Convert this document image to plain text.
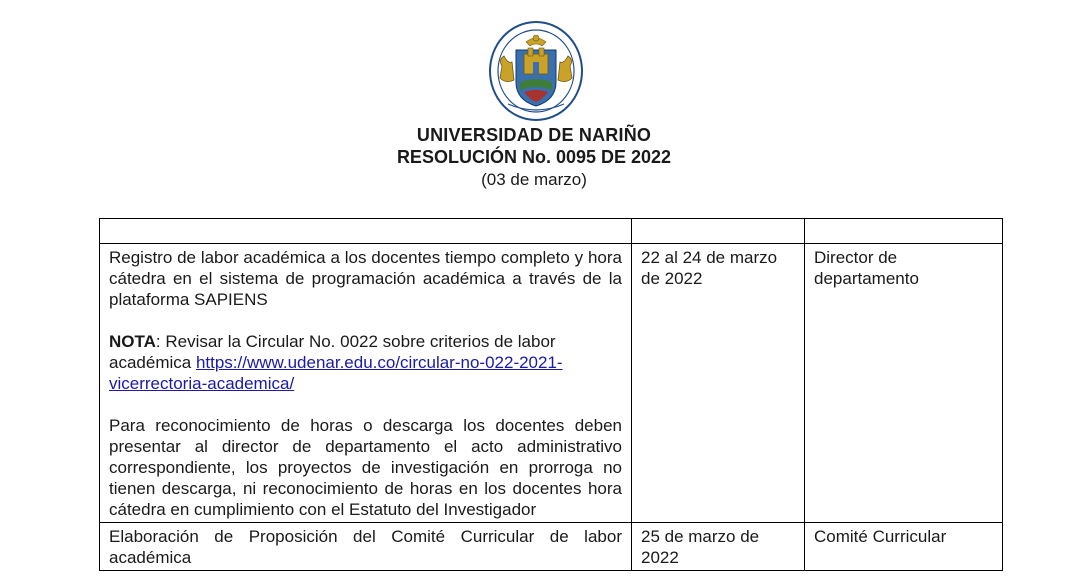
UNIVERSIDAD DE NARIÑO
RESOLUCIÓN No. 0095 DE 2022
(03 de marzo)

Registro de labor académica a los docentes tiempo completo y hora cátedra en el sistema de programación académica a través de la plataforma SAPIENS

NOTA: Revisar la Circular No. 0022 sobre criterios de labor académica https://www.udenar.edu.co/circular-no-022-2021-vicerrectoria-academica/

Para reconocimiento de horas o descarga los docentes deben presentar al director de departamento el acto administrativo correspondiente, los proyectos de investigación en prorroga no tienen descarga, ni reconocimiento de horas en los docentes hora cátedra en cumplimiento con el Estatuto del Investigador	22 al 24 de marzo de 2022	Director de departamento
Elaboración de Proposición del Comité Curricular de labor académica	25 de marzo de 2022	Comité Curricular
